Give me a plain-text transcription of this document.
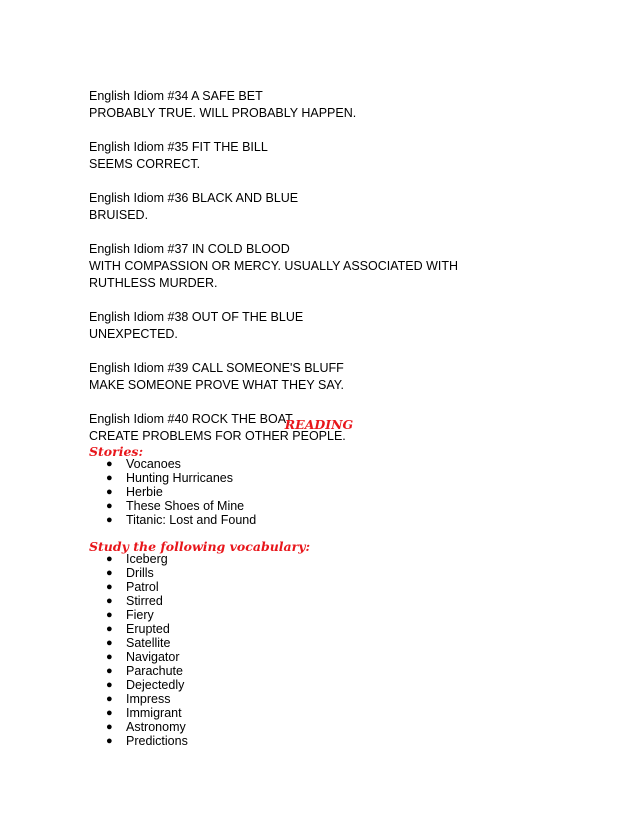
English Idiom #34 A SAFE BET

PROBABLY TRUE. WILL PROBABLY HAPPEN.

English Idiom #35 FIT THE BILL

SEEMS CORRECT.

English Idiom #36 BLACK AND BLUE

BRUISED.

English Idiom #37 IN COLD BLOOD

WITH COMPASSION OR MERCY. USUALLY ASSOCIATED WITH RUTHLESS MURDER.

English Idiom #38 OUT OF THE BLUE

UNEXPECTED.

English Idiom #39 CALL SOMEONE'S BLUFF

MAKE SOMEONE PROVE WHAT THEY SAY.

English Idiom #40 ROCK THE BOAT

CREATE PROBLEMS FOR OTHER PEOPLE.

READING

Stories:

● Vocanoes
● Hunting Hurricanes
● Herbie
● These Shoes of Mine
● Titanic: Lost and Found

Study the following vocabulary:

● Iceberg
● Drills
● Patrol
● Stirred
● Fiery
● Erupted
● Satellite
● Navigator
● Parachute
● Dejectedly
● Impress
● Immigrant
● Astronomy
● Predictions
